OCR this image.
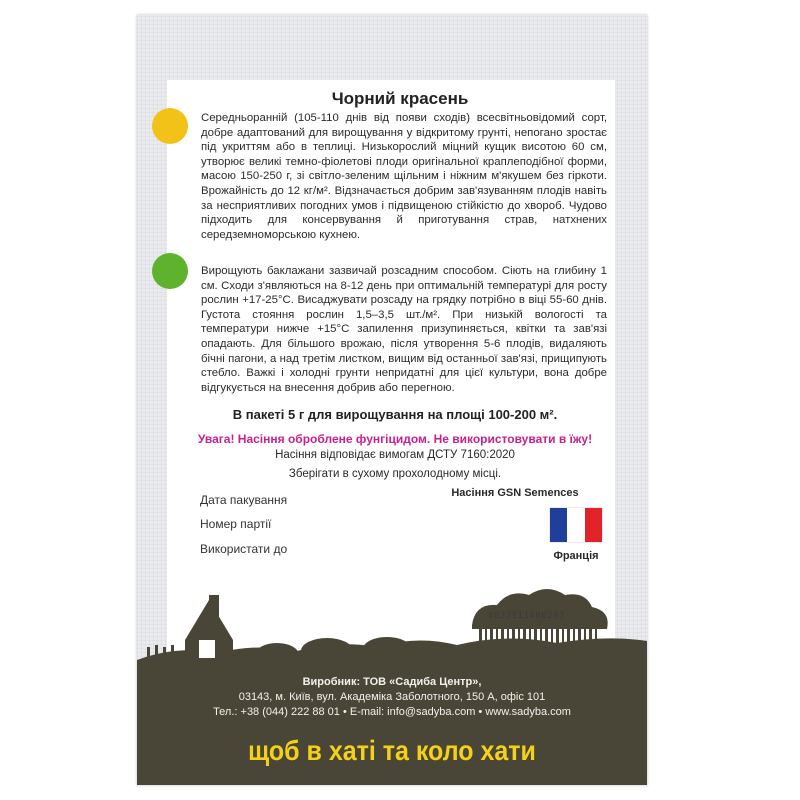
Чорний красень
Середньоранній (105-110 днів від появи сходів) всесвітньовідомий сорт, добре адаптований для вирощування у відкритому грунті, непогано зростає під укриттям або в теплиці. Низькорослий міцний кущик висотою 60 см, утворює великі темно-фіолетові плоди оригінальної краплеподібної форми, масою 150-250 г, зі світло-зеленим щільним і ніжним м'якушем без гіркоти. Врожайність до 12 кг/м². Відзначається добрим зав'язуванням плодів навіть за несприятливих погодних умов і підвищеною стійкістю до хвороб. Чудово підходить для консервування й приготування страв, натхнених середземноморською кухнею.
Вирощують баклажани зазвичай розсадним способом. Сіють на глибину 1 см. Сходи з'являються на 8-12 день при оптимальній температурі для росту рослин +17-25°С. Висаджувати розсаду на грядку потрібно в віці 55-60 днів. Густота стояння рослин 1,5–3,5 шт./м². При низькій вологості та температури нижче +15°С запилення призупиняється, квітки та зав'язі опадають. Для більшого врожаю, після утворення 5-6 плодів, видаляють бічні пагони, а над третім листком, вищим від останньої зав'язі, прищипують стебло. Важкі і холодні грунти непридатні для цієї культури, вона добре відгукується на внесення добрив або перегною.
В пакеті 5 г для вирощування на площі 100-200 м².
Увага! Насіння оброблене фунгіцидом. Не використовувати в їжу!
Насіння відповідає вимогам ДСТУ 7160:2020
Зберігати в сухому прохолодному місці.
Дата пакування
Номер партії
Використати до
Насіння GSN Semences
Франція
4823111406297
Виробник: ТОВ «Садиба Центр»,
03143, м. Київ, вул. Академіка Заболотного, 150 А, офіс 101
Тел.: +38 (044) 222 88 01 • E-mail: info@sadyba.com • www.sadyba.com
щоб в хаті та коло хати
